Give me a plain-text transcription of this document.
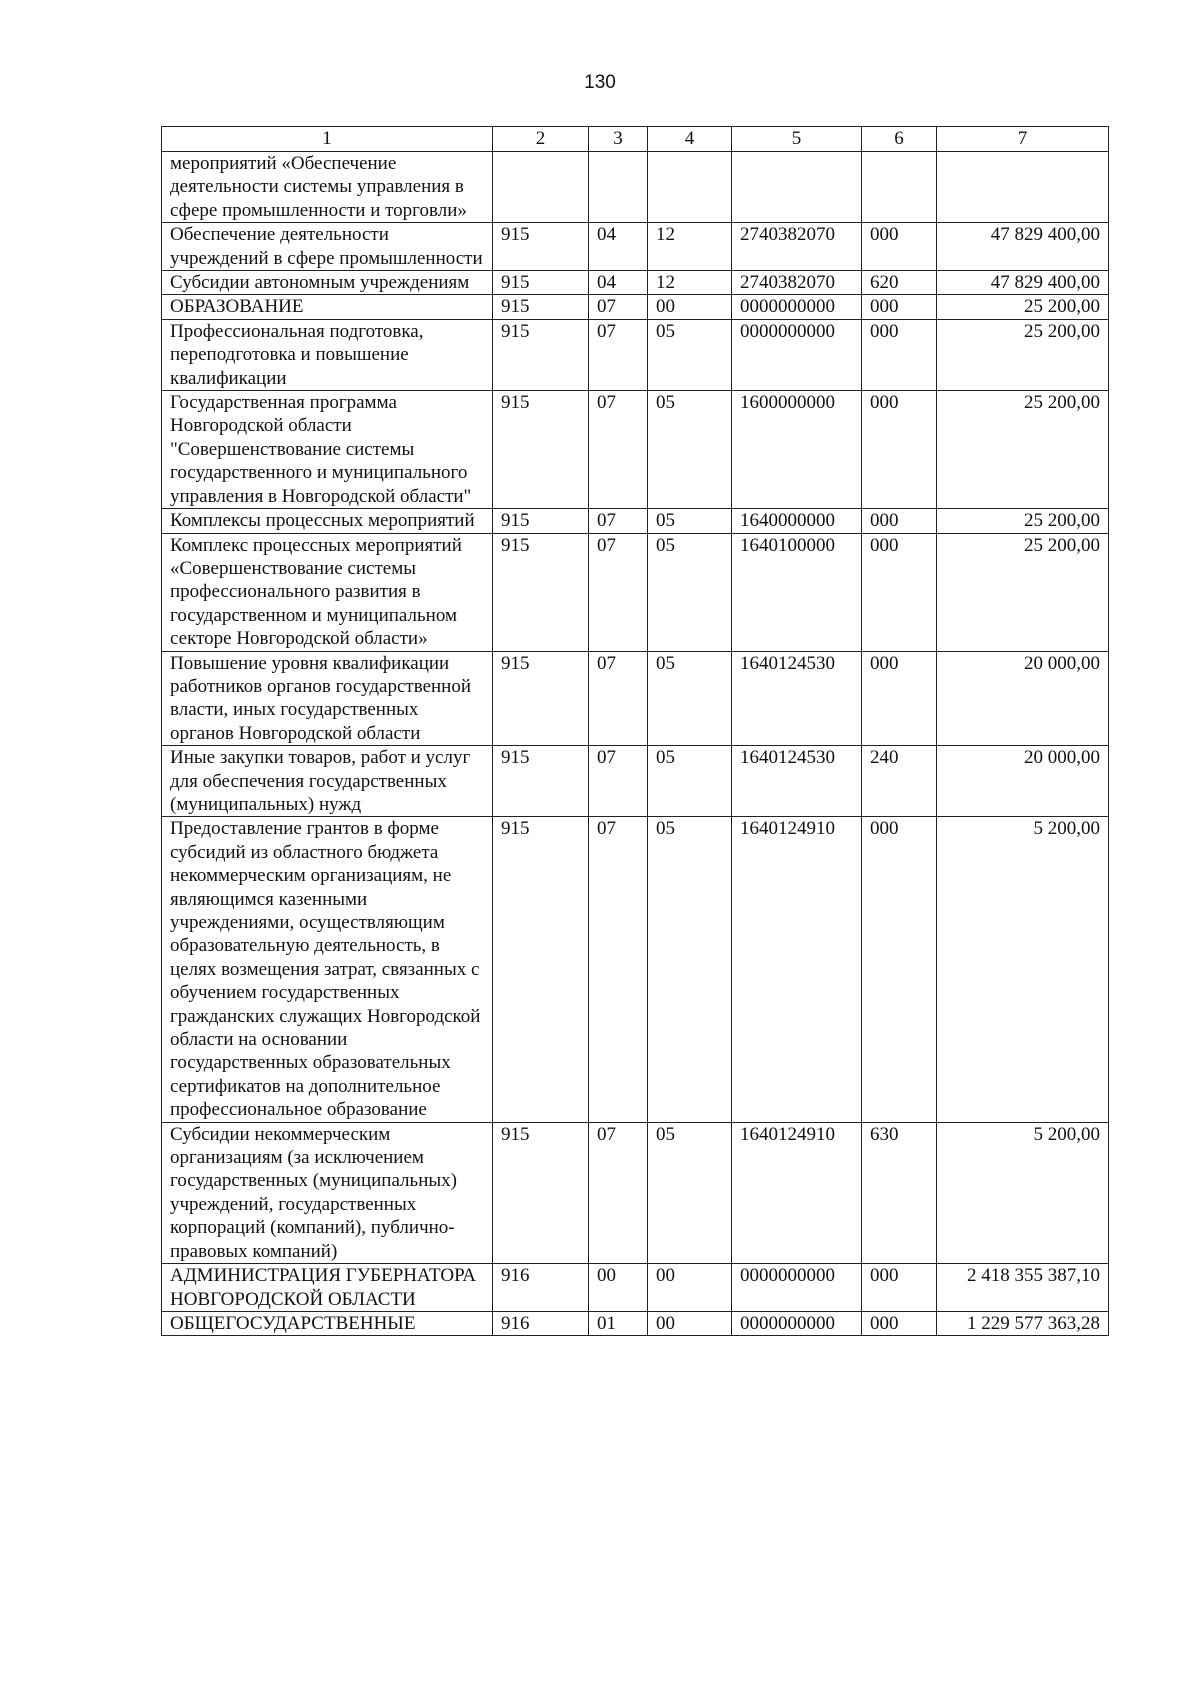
130
1	2	3	4	5	6	7
мероприятий «Обеспечение деятельности системы управления в сфере промышленности и торговли»						
Обеспечение деятельности учреждений в сфере промышленности	915	04	12	2740382070	000	47 829 400,00
Субсидии автономным учреждениям	915	04	12	2740382070	620	47 829 400,00
ОБРАЗОВАНИЕ	915	07	00	0000000000	000	25 200,00
Профессиональная подготовка, переподготовка и повышение квалификации	915	07	05	0000000000	000	25 200,00
Государственная программа Новгородской области "Совершенствование системы государственного и муниципального управления в Новгородской области"	915	07	05	1600000000	000	25 200,00
Комплексы процессных мероприятий	915	07	05	1640000000	000	25 200,00
Комплекс процессных мероприятий «Совершенствование системы профессионального развития в государственном и муниципальном секторе Новгородской области»	915	07	05	1640100000	000	25 200,00
Повышение уровня квалификации работников органов государственной власти, иных государственных органов Новгородской области	915	07	05	1640124530	000	20 000,00
Иные закупки товаров, работ и услуг для обеспечения государственных (муниципальных) нужд	915	07	05	1640124530	240	20 000,00
Предоставление грантов в форме субсидий из областного бюджета некоммерческим организациям, не являющимся казенными учреждениями, осуществляющим образовательную деятельность, в целях возмещения затрат, связанных с обучением государственных гражданских служащих Новгородской области на основании государственных образовательных сертификатов на дополнительное профессиональное образование	915	07	05	1640124910	000	5 200,00
Субсидии некоммерческим организациям (за исключением государственных (муниципальных) учреждений, государственных корпораций (компаний), публично-правовых компаний)	915	07	05	1640124910	630	5 200,00
АДМИНИСТРАЦИЯ ГУБЕРНАТОРА НОВГОРОДСКОЙ ОБЛАСТИ	916	00	00	0000000000	000	2 418 355 387,10
ОБЩЕГОСУДАРСТВЕННЫЕ	916	01	00	0000000000	000	1 229 577 363,28
